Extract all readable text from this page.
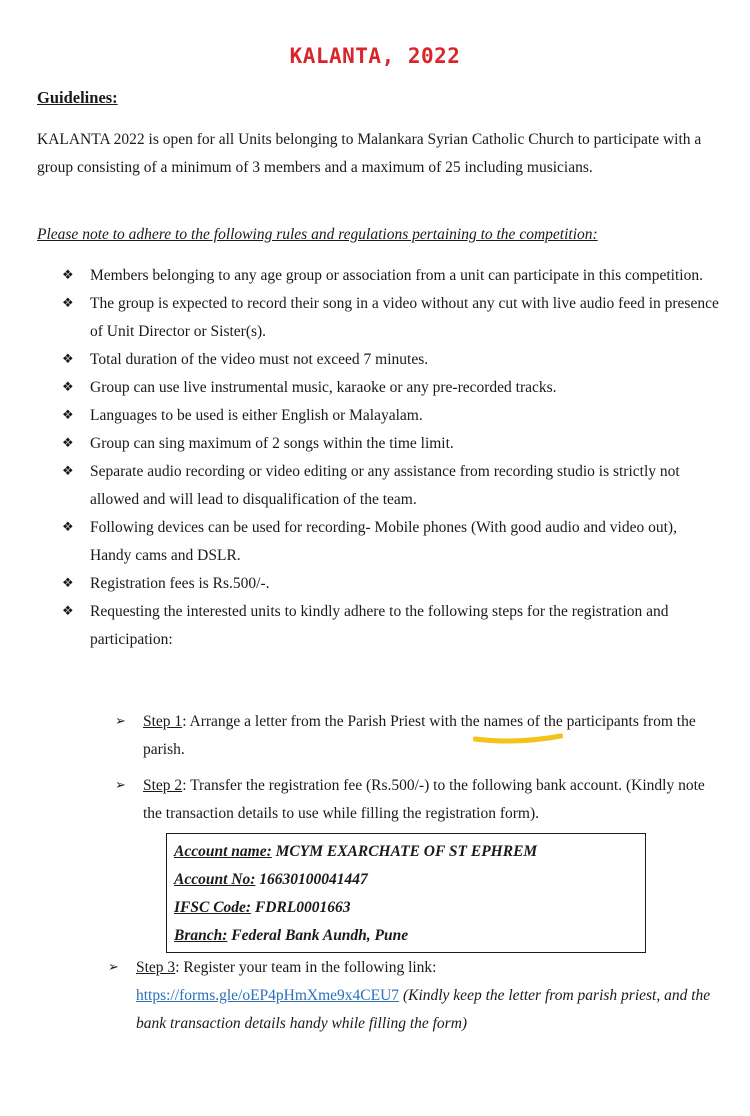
KALANTA, 2022
Guidelines:
KALANTA 2022 is open for all Units belonging to Malankara Syrian Catholic Church to participate with a group consisting of a minimum of 3 members and a maximum of 25 including musicians.
Please note to adhere to the following rules and regulations pertaining to the competition:
❖ Members belonging to any age group or association from a unit can participate in this competition.
❖ The group is expected to record their song in a video without any cut with live audio feed in presence of Unit Director or Sister(s).
❖ Total duration of the video must not exceed 7 minutes.
❖ Group can use live instrumental music, karaoke or any pre-recorded tracks.
❖ Languages to be used is either English or Malayalam.
❖ Group can sing maximum of 2 songs within the time limit.
❖ Separate audio recording or video editing or any assistance from recording studio is strictly not allowed and will lead to disqualification of the team.
❖ Following devices can be used for recording- Mobile phones (With good audio and video out), Handy cams and DSLR.
❖ Registration fees is Rs.500/-.
❖ Requesting the interested units to kindly adhere to the following steps for the registration and participation:
➢ Step 1: Arrange a letter from the Parish Priest with the names of the participants from the parish.
➢ Step 2: Transfer the registration fee (Rs.500/-) to the following bank account. (Kindly note the transaction details to use while filling the registration form).
Account name: MCYM EXARCHATE OF ST EPHREM
Account No: 16630100041447
IFSC Code: FDRL0001663
Branch: Federal Bank Aundh, Pune
➢ Step 3: Register your team in the following link:
https://forms.gle/oEP4pHmXme9x4CEU7 (Kindly keep the letter from parish priest, and the bank transaction details handy while filling the form)
